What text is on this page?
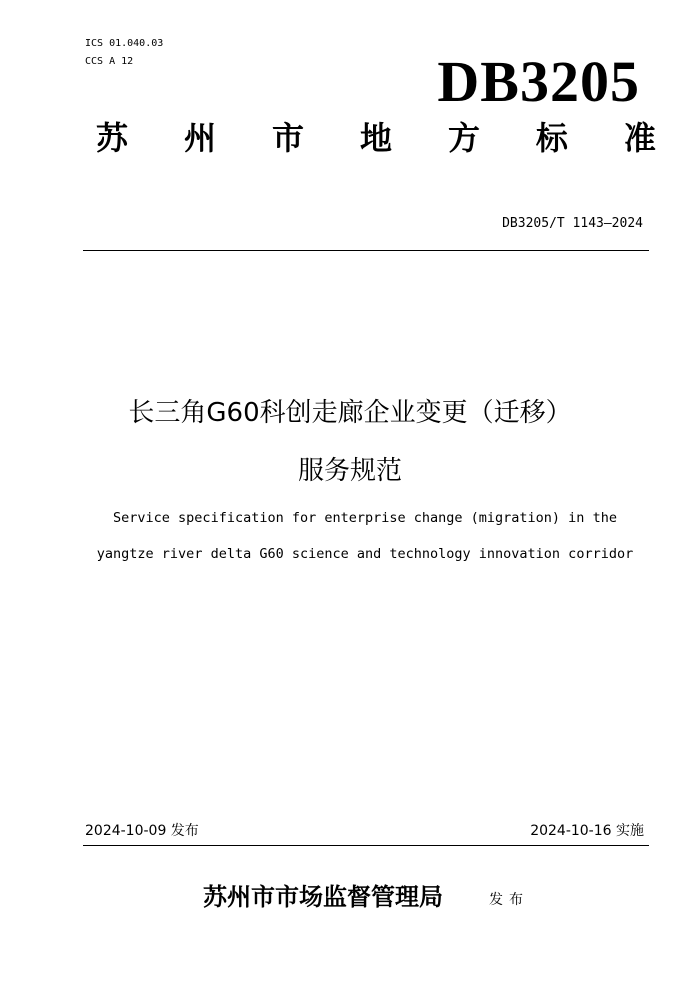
ICS 01.040.03
CCS A 12	DB3205
苏 州 市 地 方 标 准
DB3205/T 1143—2024
长三角G60科创走廊企业变更（迁移）
服务规范
Service specification for enterprise change (migration) in the
yangtze river delta G60 science and technology innovation corridor
2024-10-09 发布	2024-10-16 实施
苏州市市场监督管理局	发布
